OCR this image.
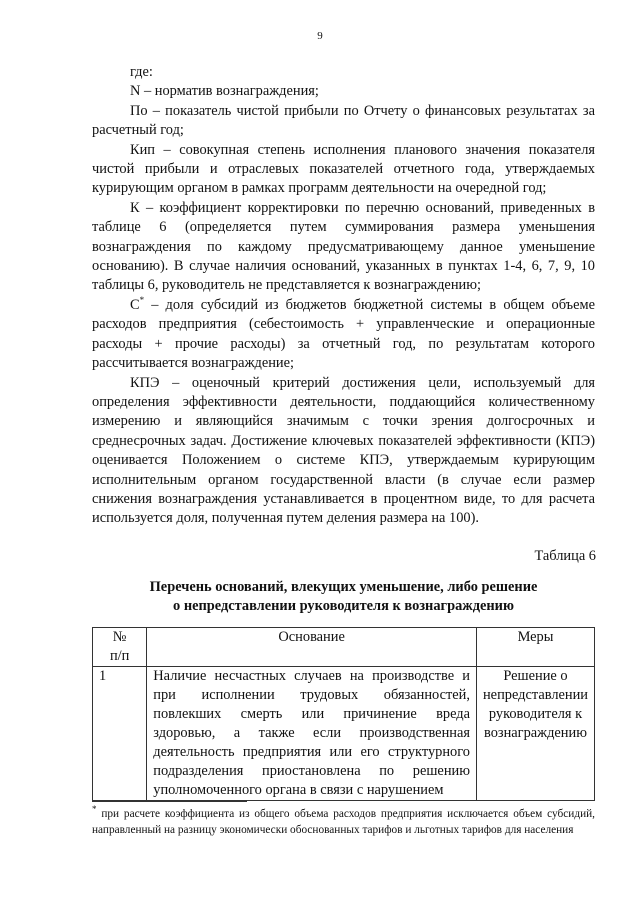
9

где:

N – норматив вознаграждения;

По – показатель чистой прибыли по Отчету о финансовых результатах за расчетный год;

Кип – совокупная степень исполнения планового значения показателя чистой прибыли и отраслевых показателей отчетного года, утверждаемых курирующим органом в рамках программ деятельности на очередной год;

К – коэффициент корректировки по перечню оснований, приведенных в таблице 6 (определяется путем суммирования размера уменьшения вознаграждения по каждому предусматривающему данное уменьшение основанию). В случае наличия оснований, указанных в пунктах 1-4, 6, 7, 9, 10 таблицы 6, руководитель не представляется к вознаграждению;

С* – доля субсидий из бюджетов бюджетной системы в общем объеме расходов предприятия (себестоимость + управленческие и операционные расходы + прочие расходы) за отчетный год, по результатам которого рассчитывается вознаграждение;

КПЭ – оценочный критерий достижения цели, используемый для определения эффективности деятельности, поддающийся количественному измерению и являющийся значимым с точки зрения долгосрочных и среднесрочных задач. Достижение ключевых показателей эффективности (КПЭ) оценивается Положением о системе КПЭ, утверждаемым курирующим исполнительным органом государственной власти (в случае если размер снижения вознаграждения устанавливается в процентном виде, то для расчета используется доля, полученная путем деления размера на 100).

Таблица 6
Перечень оснований, влекущих уменьшение, либо решение
о непредставлении руководителя к вознаграждению
№
п/п	Основание	Меры
1	Наличие несчастных случаев на производстве и при исполнении трудовых обязанностей, повлекших смерть или причинение вреда здоровью, а также если производственная деятельность предприятия или его структурного подразделения приостановлена по решению уполномоченного органа в связи с нарушением	Решение о непредставлении руководителя к вознаграждению
* при расчете коэффициента из общего объема расходов предприятия исключается объем субсидий, направленный на разницу экономически обоснованных тарифов и льготных тарифов для населения
